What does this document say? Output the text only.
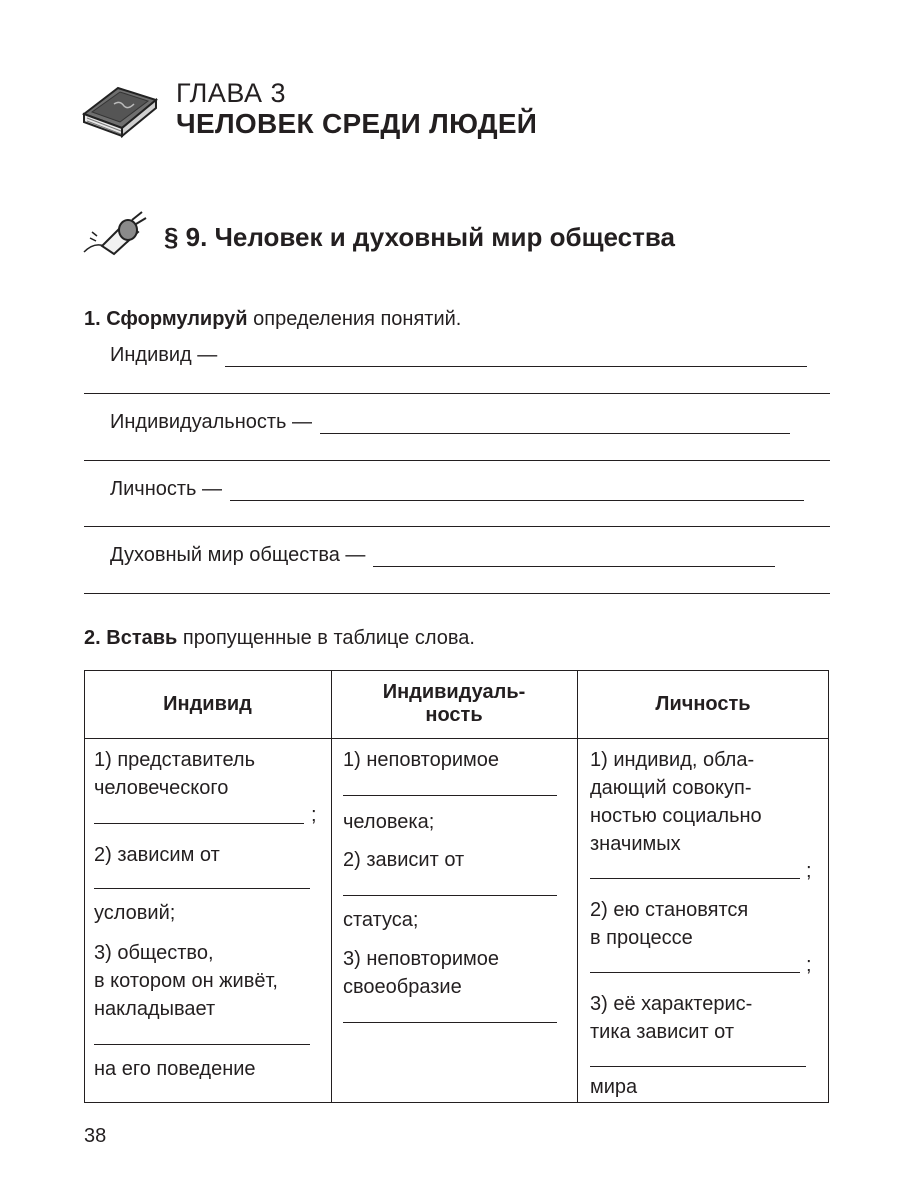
ГЛАВА 3
ЧЕЛОВЕК СРЕДИ ЛЮДЕЙ
§ 9. Человек и духовный мир общества
1. Сформулируй определения понятий.
Индивид —
Индивидуальность —
Личность —
Духовный мир общества —
2. Вставь пропущенные в таблице слова.
Индивид
Индивидуаль-
ность	Личность
1) представитель
человеческого
;
2) зависим от
условий;
3) общество,
в котором он живёт,
накладывает
на его поведение
1) неповторимое
человека;
2) зависит от
статуса;
3) неповторимое
своеобразие
1) индивид, обла-
дающий совокуп-
ностью социально
значимых
;
2) ею становятся
в процессе
;
3) её характерис-
тика зависит от
мира
38
